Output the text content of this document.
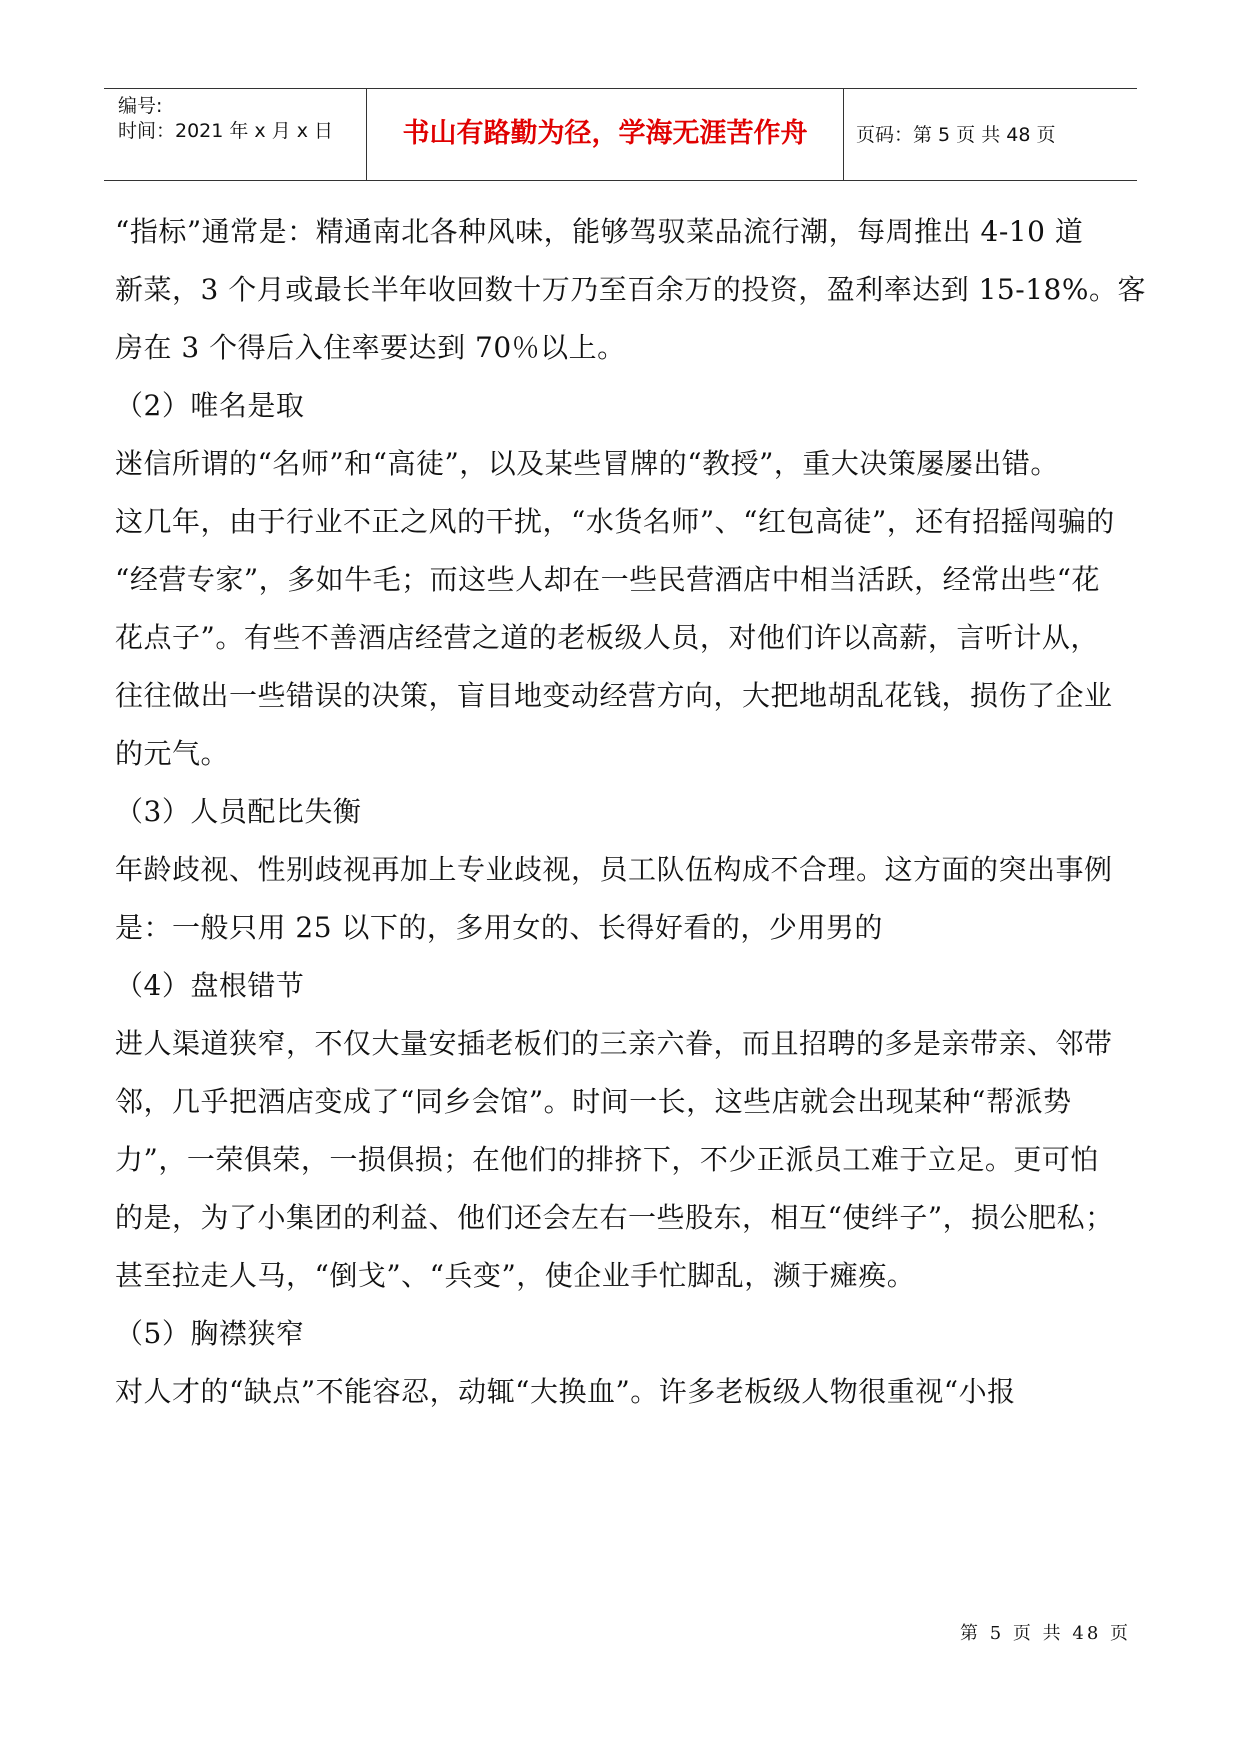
编号:
时间：2021 年 x 月 x 日	书山有路勤为径，学海无涯苦作舟	页码：第 5 页 共 48 页
“指标”通常是：精通南北各种风味，能够驾驭菜品流行潮，每周推出 4-10 道
新菜，3 个月或最长半年收回数十万乃至百余万的投资，盈利率达到 15-18%。客
房在 3 个得后入住率要达到 70％以上。
（2）唯名是取
迷信所谓的“名师”和“高徒”，以及某些冒牌的“教授”，重大决策屡屡出错。
这几年，由于行业不正之风的干扰，“水货名师”、“红包高徒”，还有招摇闯骗的
“经营专家”，多如牛毛；而这些人却在一些民营酒店中相当活跃，经常出些“花
花点子”。有些不善酒店经营之道的老板级人员，对他们许以高薪，言听计从，
往往做出一些错误的决策，盲目地变动经营方向，大把地胡乱花钱，损伤了企业
的元气。
（3）人员配比失衡
年龄歧视、性别歧视再加上专业歧视，员工队伍构成不合理。这方面的突出事例
是：一般只用 25 以下的，多用女的、长得好看的，少用男的
（4）盘根错节
进人渠道狭窄，不仅大量安插老板们的三亲六眷，而且招聘的多是亲带亲、邻带
邻，几乎把酒店变成了“同乡会馆”。时间一长，这些店就会出现某种“帮派势
力”，一荣俱荣，一损俱损；在他们的排挤下，不少正派员工难于立足。更可怕
的是，为了小集团的利益、他们还会左右一些股东，相互“使绊子”，损公肥私；
甚至拉走人马，“倒戈”、“兵变”，使企业手忙脚乱，濒于瘫痪。
（5）胸襟狭窄
对人才的“缺点”不能容忍，动辄“大换血”。许多老板级人物很重视“小报
第 5 页 共 48 页
